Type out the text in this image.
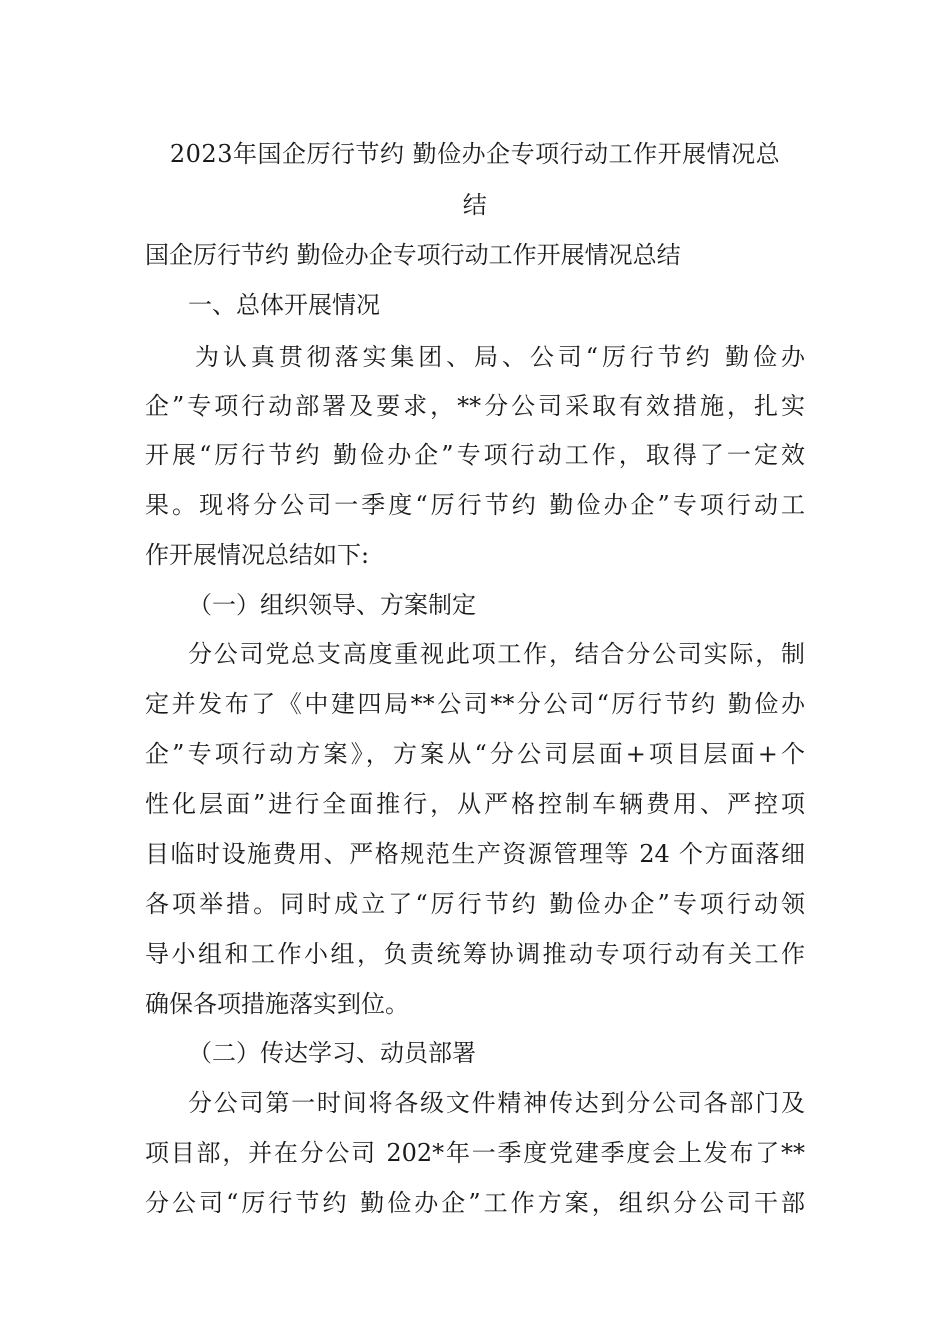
2023年国企厉行节约 勤俭办企专项行动工作开展情况总
结

国企厉行节约 勤俭办企专项行动工作开展情况总结

一、总体开展情况

为认真贯彻落实集团、局、公司“厉行节约 勤俭办

企”专项行动部署及要求，**分公司采取有效措施，扎实

开展“厉行节约 勤俭办企”专项行动工作，取得了一定效

果。现将分公司一季度“厉行节约 勤俭办企”专项行动工

作开展情况总结如下:

（一）组织领导、方案制定

分公司党总支高度重视此项工作，结合分公司实际，制

定并发布了《中建四局**公司**分公司“厉行节约 勤俭办

企”专项行动方案》，方案从“分公司层面+项目层面+个

性化层面”进行全面推行，从严格控制车辆费用、严控项

目临时设施费用、严格规范生产资源管理等 24 个方面落细

各项举措。同时成立了“厉行节约 勤俭办企”专项行动领

导小组和工作小组，负责统筹协调推动专项行动有关工作

确保各项措施落实到位。

（二）传达学习、动员部署

分公司第一时间将各级文件精神传达到分公司各部门及

项目部，并在分公司 202*年一季度党建季度会上发布了**

分公司“厉行节约 勤俭办企”工作方案，组织分公司干部
